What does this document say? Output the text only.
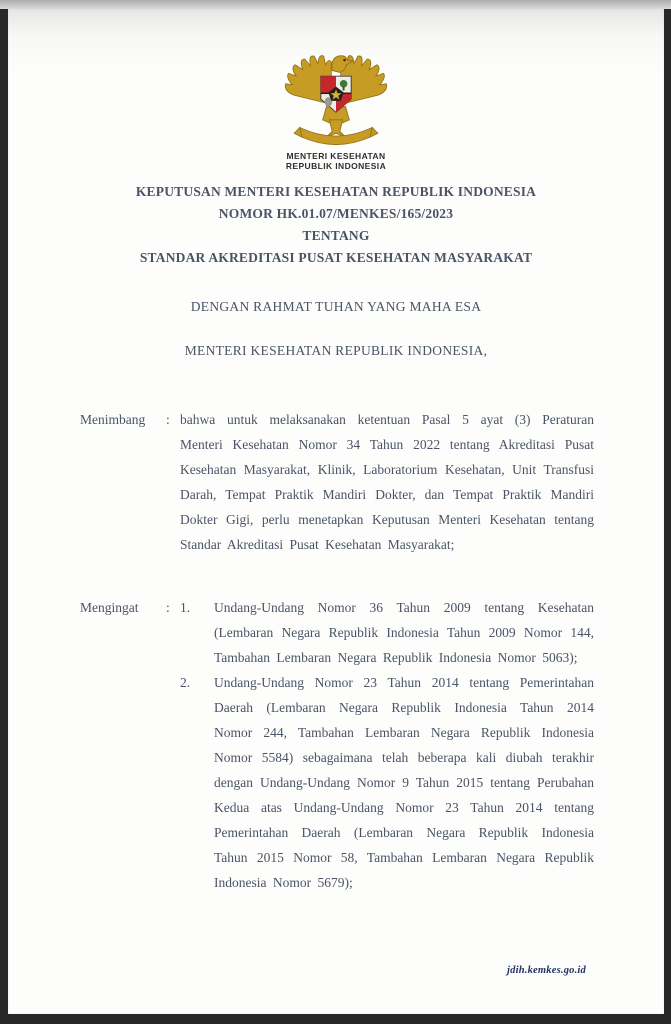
MENTERI KESEHATAN
REPUBLIK INDONESIA
KEPUTUSAN MENTERI KESEHATAN REPUBLIK INDONESIA
NOMOR HK.01.07/MENKES/165/2023
TENTANG
STANDAR AKREDITASI PUSAT KESEHATAN MASYARAKAT
DENGAN RAHMAT TUHAN YANG MAHA ESA
MENTERI KESEHATAN REPUBLIK INDONESIA,
Menimbang	: bahwa untuk melaksanakan ketentuan Pasal 5 ayat (3) Peraturan Menteri Kesehatan Nomor 34 Tahun 2022 tentang Akreditasi Pusat Kesehatan Masyarakat, Klinik, Laboratorium Kesehatan, Unit Transfusi Darah, Tempat Praktik Mandiri Dokter, dan Tempat Praktik Mandiri Dokter Gigi, perlu menetapkan Keputusan Menteri Kesehatan tentang Standar Akreditasi Pusat Kesehatan Masyarakat;
Mengingat	: 1.	Undang-Undang Nomor 36 Tahun 2009 tentang Kesehatan (Lembaran Negara Republik Indonesia Tahun 2009 Nomor 144, Tambahan Lembaran Negara Republik Indonesia Nomor 5063);
2.	Undang-Undang Nomor 23 Tahun 2014 tentang Pemerintahan Daerah (Lembaran Negara Republik Indonesia Tahun 2014 Nomor 244, Tambahan Lembaran Negara Republik Indonesia Nomor 5584) sebagaimana telah beberapa kali diubah terakhir dengan Undang-Undang Nomor 9 Tahun 2015 tentang Perubahan Kedua atas Undang-Undang Nomor 23 Tahun 2014 tentang Pemerintahan Daerah (Lembaran Negara Republik Indonesia Tahun 2015 Nomor 58, Tambahan Lembaran Negara Republik Indonesia Nomor 5679);
jdih.kemkes.go.id
